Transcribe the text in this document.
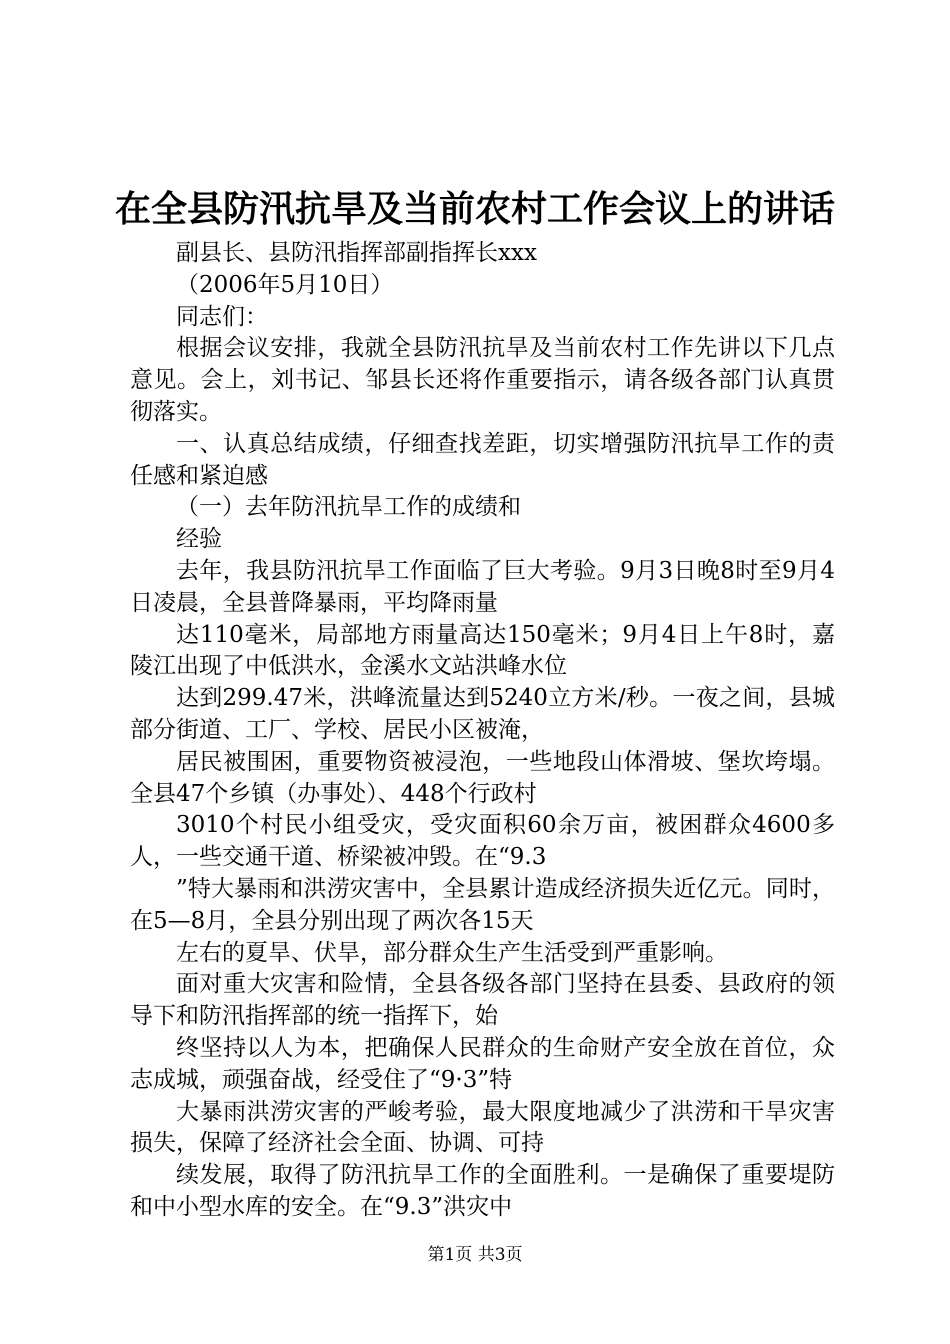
在全县防汛抗旱及当前农村工作会议上的讲话

副县长、县防汛指挥部副指挥长xxx

（2006年5月10日）

同志们：

根据会议安排，我就全县防汛抗旱及当前农村工作先讲以下几点意见。会上，刘书记、邹县长还将作重要指示，请各级各部门认真贯彻落实。

一、认真总结成绩，仔细查找差距，切实增强防汛抗旱工作的责任感和紧迫感

（一）去年防汛抗旱工作的成绩和

经验

去年，我县防汛抗旱工作面临了巨大考验。9月3日晚8时至9月4日凌晨，全县普降暴雨，平均降雨量

达110毫米，局部地方雨量高达150毫米；9月4日上午8时，嘉陵江出现了中低洪水，金溪水文站洪峰水位

达到299.47米，洪峰流量达到5240立方米/秒。一夜之间，县城部分街道、工厂、学校、居民小区被淹，

居民被围困，重要物资被浸泡，一些地段山体滑坡、堡坎垮塌。全县47个乡镇（办事处）、448个行政村

3010个村民小组受灾，受灾面积60余万亩，被困群众4600多人，一些交通干道、桥梁被冲毁。在“9.3

”特大暴雨和洪涝灾害中，全县累计造成经济损失近亿元。同时，在5—8月，全县分别出现了两次各15天

左右的夏旱、伏旱，部分群众生产生活受到严重影响。

面对重大灾害和险情，全县各级各部门坚持在县委、县政府的领导下和防汛指挥部的统一指挥下，始

终坚持以人为本，把确保人民群众的生命财产安全放在首位，众志成城，顽强奋战，经受住了“9·3”特

大暴雨洪涝灾害的严峻考验，最大限度地减少了洪涝和干旱灾害损失，保障了经济社会全面、协调、可持

续发展，取得了防汛抗旱工作的全面胜利。一是确保了重要堤防和中小型水库的安全。在“9.3”洪灾中

第1页 共3页
